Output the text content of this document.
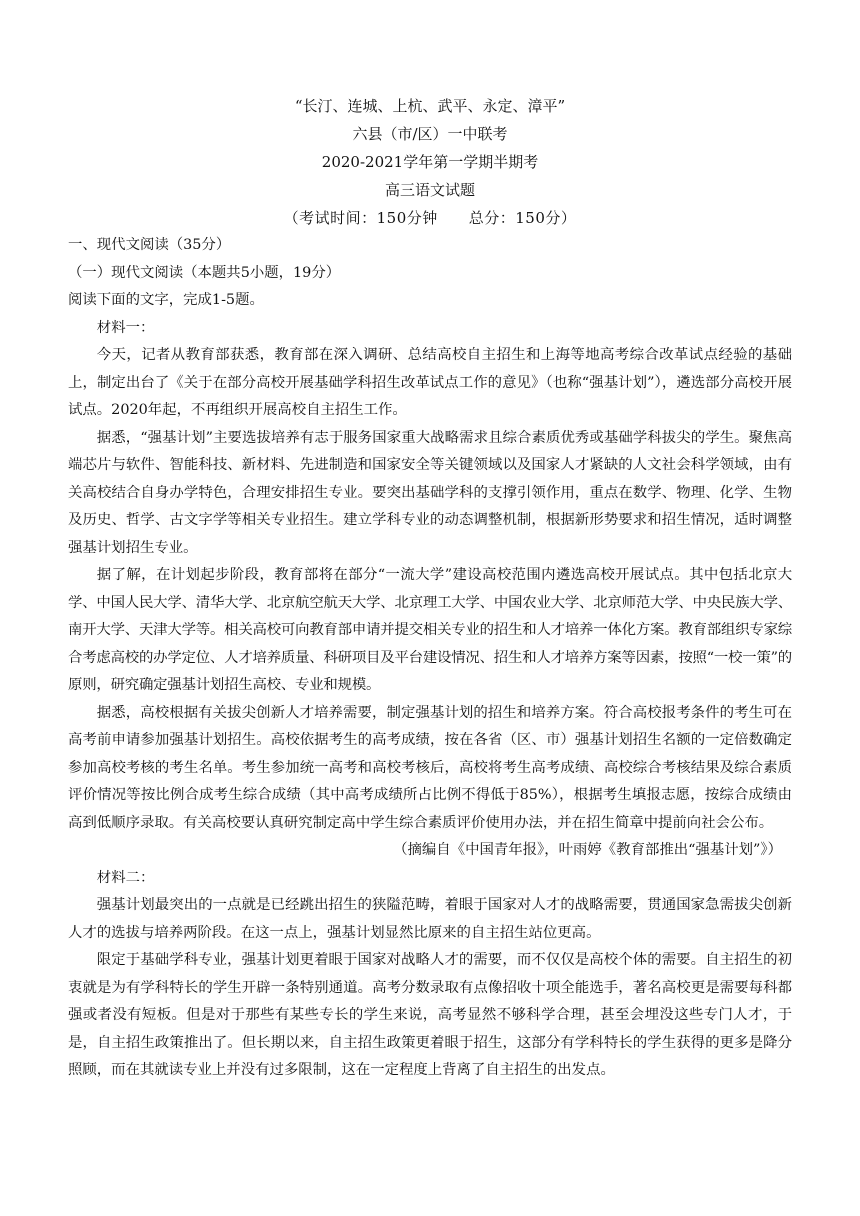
“长汀、连城、上杭、武平、永定、漳平”
六县（市/区）一中联考
2020-2021学年第一学期半期考
高三语文试题
（考试时间：150分钟　　总分：150分）
一、现代文阅读（35分）
（一）现代文阅读（本题共5小题，19分）
阅读下面的文字，完成1-5题。
材料一：
今天，记者从教育部获悉，教育部在深入调研、总结高校自主招生和上海等地高考综合改革试点经验的基础上，制定出台了《关于在部分高校开展基础学科招生改革试点工作的意见》（也称“强基计划”），遴选部分高校开展试点。2020年起，不再组织开展高校自主招生工作。
据悉，“强基计划”主要选拔培养有志于服务国家重大战略需求且综合素质优秀或基础学科拔尖的学生。聚焦高端芯片与软件、智能科技、新材料、先进制造和国家安全等关键领域以及国家人才紧缺的人文社会科学领域，由有关高校结合自身办学特色，合理安排招生专业。要突出基础学科的支撑引领作用，重点在数学、物理、化学、生物及历史、哲学、古文字学等相关专业招生。建立学科专业的动态调整机制，根据新形势要求和招生情况，适时调整强基计划招生专业。
据了解，在计划起步阶段，教育部将在部分“一流大学”建设高校范围内遴选高校开展试点。其中包括北京大学、中国人民大学、清华大学、北京航空航天大学、北京理工大学、中国农业大学、北京师范大学、中央民族大学、南开大学、天津大学等。相关高校可向教育部申请并提交相关专业的招生和人才培养一体化方案。教育部组织专家综合考虑高校的办学定位、人才培养质量、科研项目及平台建设情况、招生和人才培养方案等因素，按照“一校一策”的原则，研究确定强基计划招生高校、专业和规模。
据悉，高校根据有关拔尖创新人才培养需要，制定强基计划的招生和培养方案。符合高校报考条件的考生可在高考前申请参加强基计划招生。高校依据考生的高考成绩，按在各省（区、市）强基计划招生名额的一定倍数确定参加高校考核的考生名单。考生参加统一高考和高校考核后，高校将考生高考成绩、高校综合考核结果及综合素质评价情况等按比例合成考生综合成绩（其中高考成绩所占比例不得低于85%），根据考生填报志愿，按综合成绩由高到低顺序录取。有关高校要认真研究制定高中学生综合素质评价使用办法，并在招生简章中提前向社会公布。
（摘编自《中国青年报》，叶雨婷《教育部推出“强基计划”》）
材料二：
强基计划最突出的一点就是已经跳出招生的狭隘范畴，着眼于国家对人才的战略需要，贯通国家急需拔尖创新人才的选拔与培养两阶段。在这一点上，强基计划显然比原来的自主招生站位更高。
限定于基础学科专业，强基计划更着眼于国家对战略人才的需要，而不仅仅是高校个体的需要。自主招生的初衷就是为有学科特长的学生开辟一条特别通道。高考分数录取有点像招收十项全能选手，著名高校更是需要每科都强或者没有短板。但是对于那些有某些专长的学生来说，高考显然不够科学合理，甚至会埋没这些专门人才，于是，自主招生政策推出了。但长期以来，自主招生政策更着眼于招生，这部分有学科特长的学生获得的更多是降分照顾，而在其就读专业上并没有过多限制，这在一定程度上背离了自主招生的出发点。
